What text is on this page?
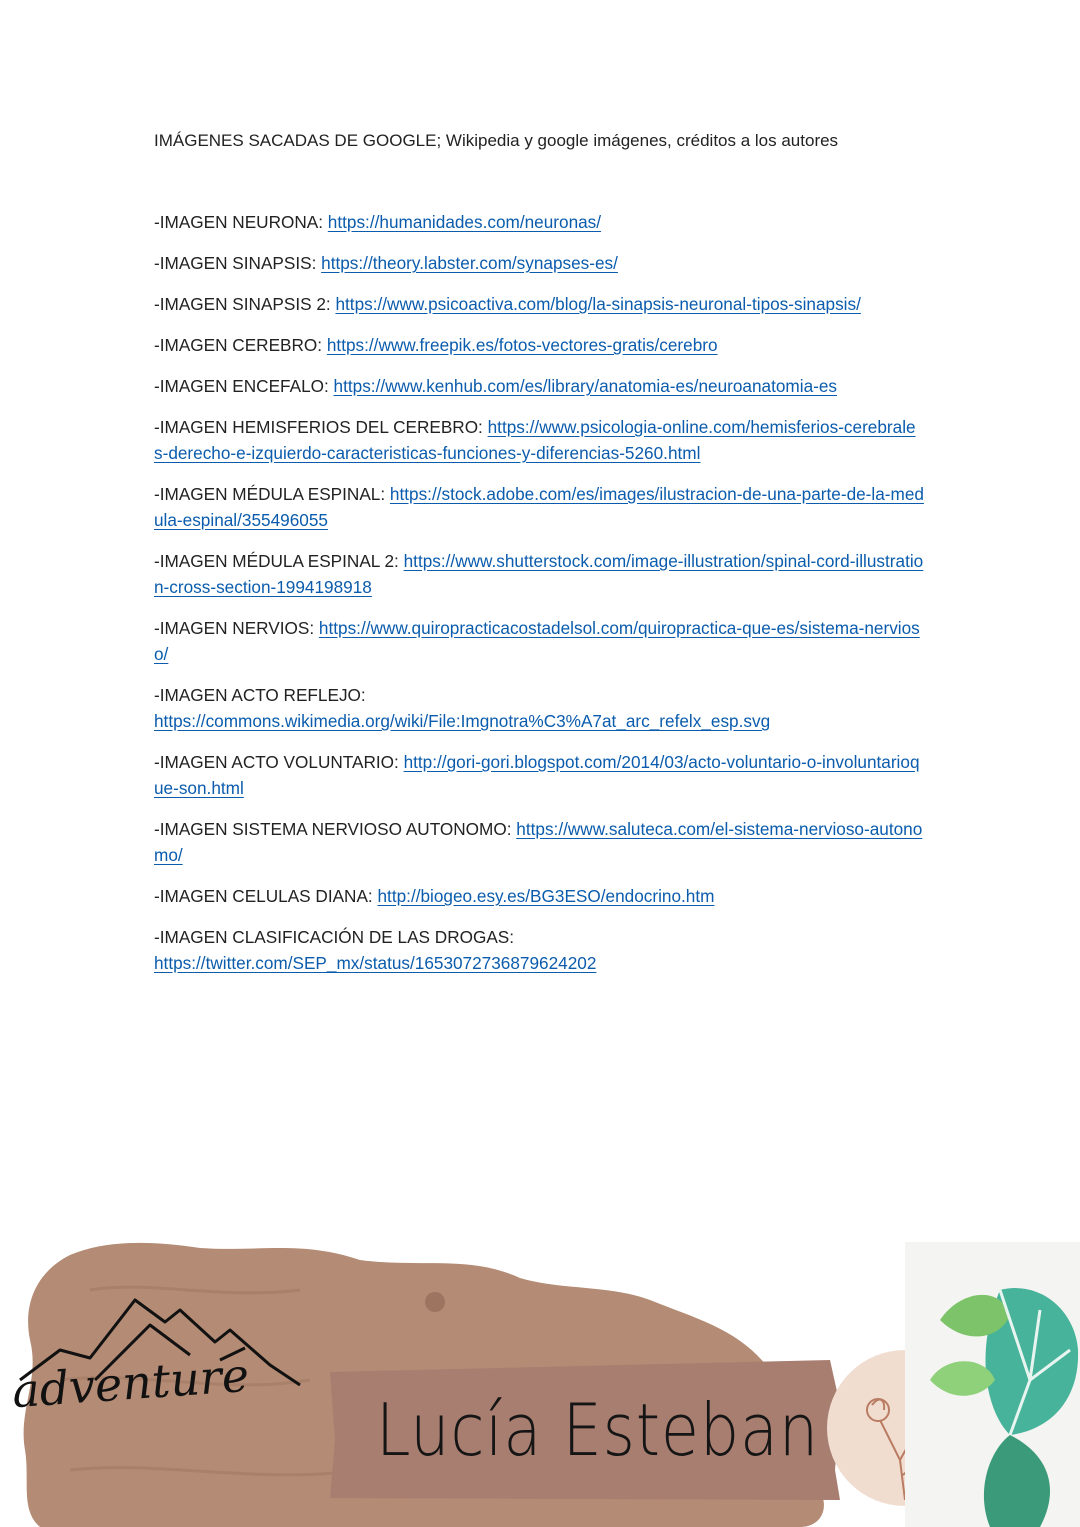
IMÁGENES SACADAS DE GOOGLE; Wikipedia y google imágenes, créditos a los autores
-IMAGEN NEURONA: https://humanidades.com/neuronas/
-IMAGEN SINAPSIS: https://theory.labster.com/synapses-es/
-IMAGEN SINAPSIS 2: https://www.psicoactiva.com/blog/la-sinapsis-neuronal-tipos-sinapsis/
-IMAGEN CEREBRO: https://www.freepik.es/fotos-vectores-gratis/cerebro
-IMAGEN ENCEFALO: https://www.kenhub.com/es/library/anatomia-es/neuroanatomia-es
-IMAGEN HEMISFERIOS DEL CEREBRO: https://www.psicologia-online.com/hemisferios-cerebrales-derecho-e-izquierdo-caracteristicas-funciones-y-diferencias-5260.html
-IMAGEN MÉDULA ESPINAL: https://stock.adobe.com/es/images/ilustracion-de-una-parte-de-la-medula-espinal/355496055
-IMAGEN MÉDULA ESPINAL 2: https://www.shutterstock.com/image-illustration/spinal-cord-illustration-cross-section-1994198918
-IMAGEN NERVIOS: https://www.quiropracticacostadelsol.com/quiropractica-que-es/sistema-nervioso/
-IMAGEN ACTO REFLEJO:
https://commons.wikimedia.org/wiki/File:Imgnotra%C3%A7at_arc_refelx_esp.svg
-IMAGEN ACTO VOLUNTARIO: http://gori-gori.blogspot.com/2014/03/acto-voluntario-o-involuntarioque-son.html
-IMAGEN SISTEMA NERVIOSO AUTONOMO: https://www.saluteca.com/el-sistema-nervioso-autonomo/
-IMAGEN CELULAS DIANA: http://biogeo.esy.es/BG3ESO/endocrino.htm
-IMAGEN CLASIFICACIÓN DE LAS DROGAS:
https://twitter.com/SEP_mx/status/1653072736879624202
adventure
Lucía Esteban
